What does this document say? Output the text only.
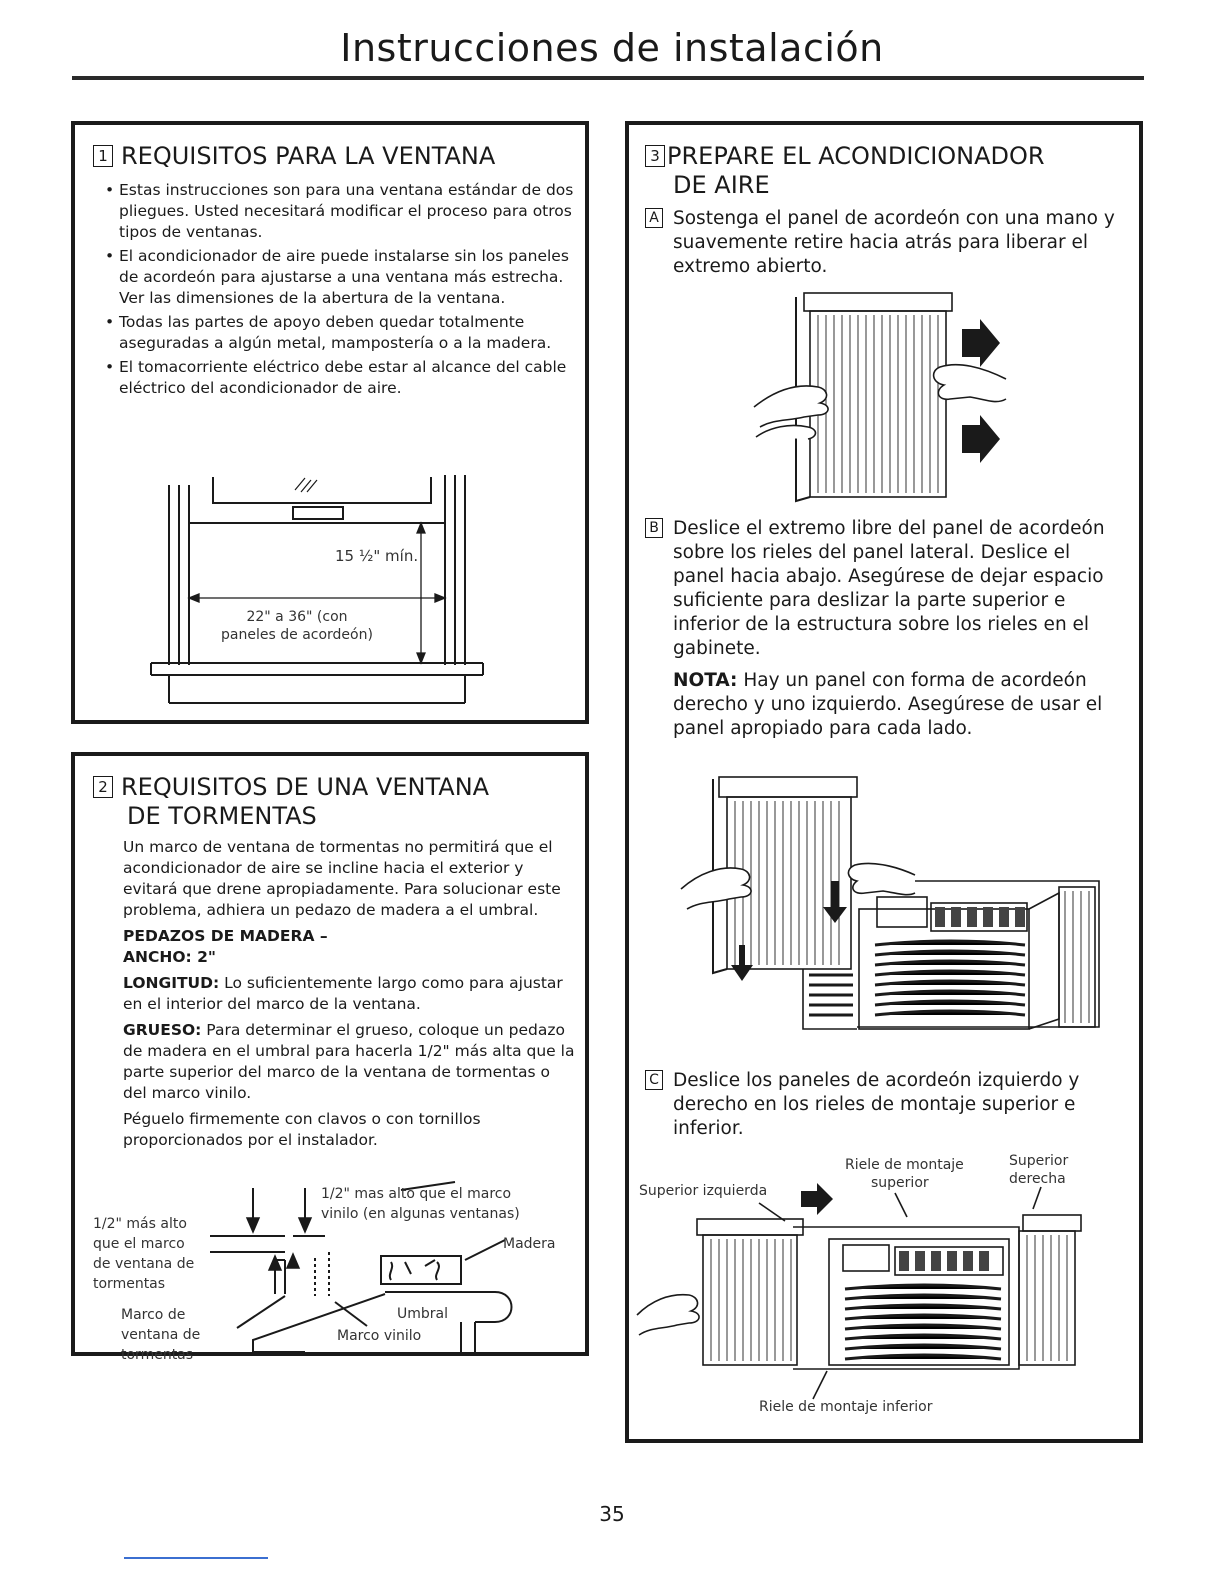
Instrucciones de instalación
1 REQUISITOS PARA LA VENTANA
• Estas instrucciones son para una ventana estándar de dos pliegues. Usted necesitará modificar el proceso para otros tipos de ventanas.
• El acondicionador de aire puede instalarse sin los paneles de acordeón para ajustarse a una ventana más estrecha. Ver las dimensiones de la abertura de la ventana.
• Todas las partes de apoyo deben quedar totalmente aseguradas a algún metal, mampostería o a la madera.
• El tomacorriente eléctrico debe estar al alcance del cable eléctrico del acondicionador de aire.
15 ½" mín.
22" a 36" (con
paneles de acordeón)
2 REQUISITOS DE UNA VENTANA
DE TORMENTAS

Un marco de ventana de tormentas no permitirá que el acondicionador de aire se incline hacia el exterior y evitará que drene apropiadamente. Para solucionar este problema, adhiera un pedazo de madera a el umbral.

PEDAZOS DE MADERA –

ANCHO: 2"

LONGITUD: Lo suficientemente largo como para ajustar en el interior del marco de la ventana.

GRUESO: Para determinar el grueso, coloque un pedazo de madera en el umbral para hacerla 1/2" más alta que la parte superior del marco de la ventana de tormentas o del marco vinilo.

Péguelo firmemente con clavos o con tornillos proporcionados por el instalador.

1/2" mas alto que el marco
vinilo (en algunas ventanas)
1/2" más alto
que el marco
de ventana de
tormentas
Madera
Umbral
Marco de
ventana de
tormentas
Marco vinilo
3 PREPARE EL ACONDICIONADOR
DE AIRE
A Sostenga el panel de acordeón con una mano y suavemente retire hacia atrás para liberar el extremo abierto.
B Deslice el extremo libre del panel de acordeón sobre los rieles del panel lateral. Deslice el panel hacia abajo. Asegúrese de dejar espacio suficiente para deslizar la parte superior e inferior de la estructura sobre los rieles en el gabinete.
NOTA: Hay un panel con forma de acordeón derecho y uno izquierdo. Asegúrese de usar el panel apropiado para cada lado.
C Deslice los paneles de acordeón izquierdo y derecho en los rieles de montaje superior e inferior.
Riele de montaje
superior
Superior
derecha
Superior izquierda
Riele de montaje inferior
35
